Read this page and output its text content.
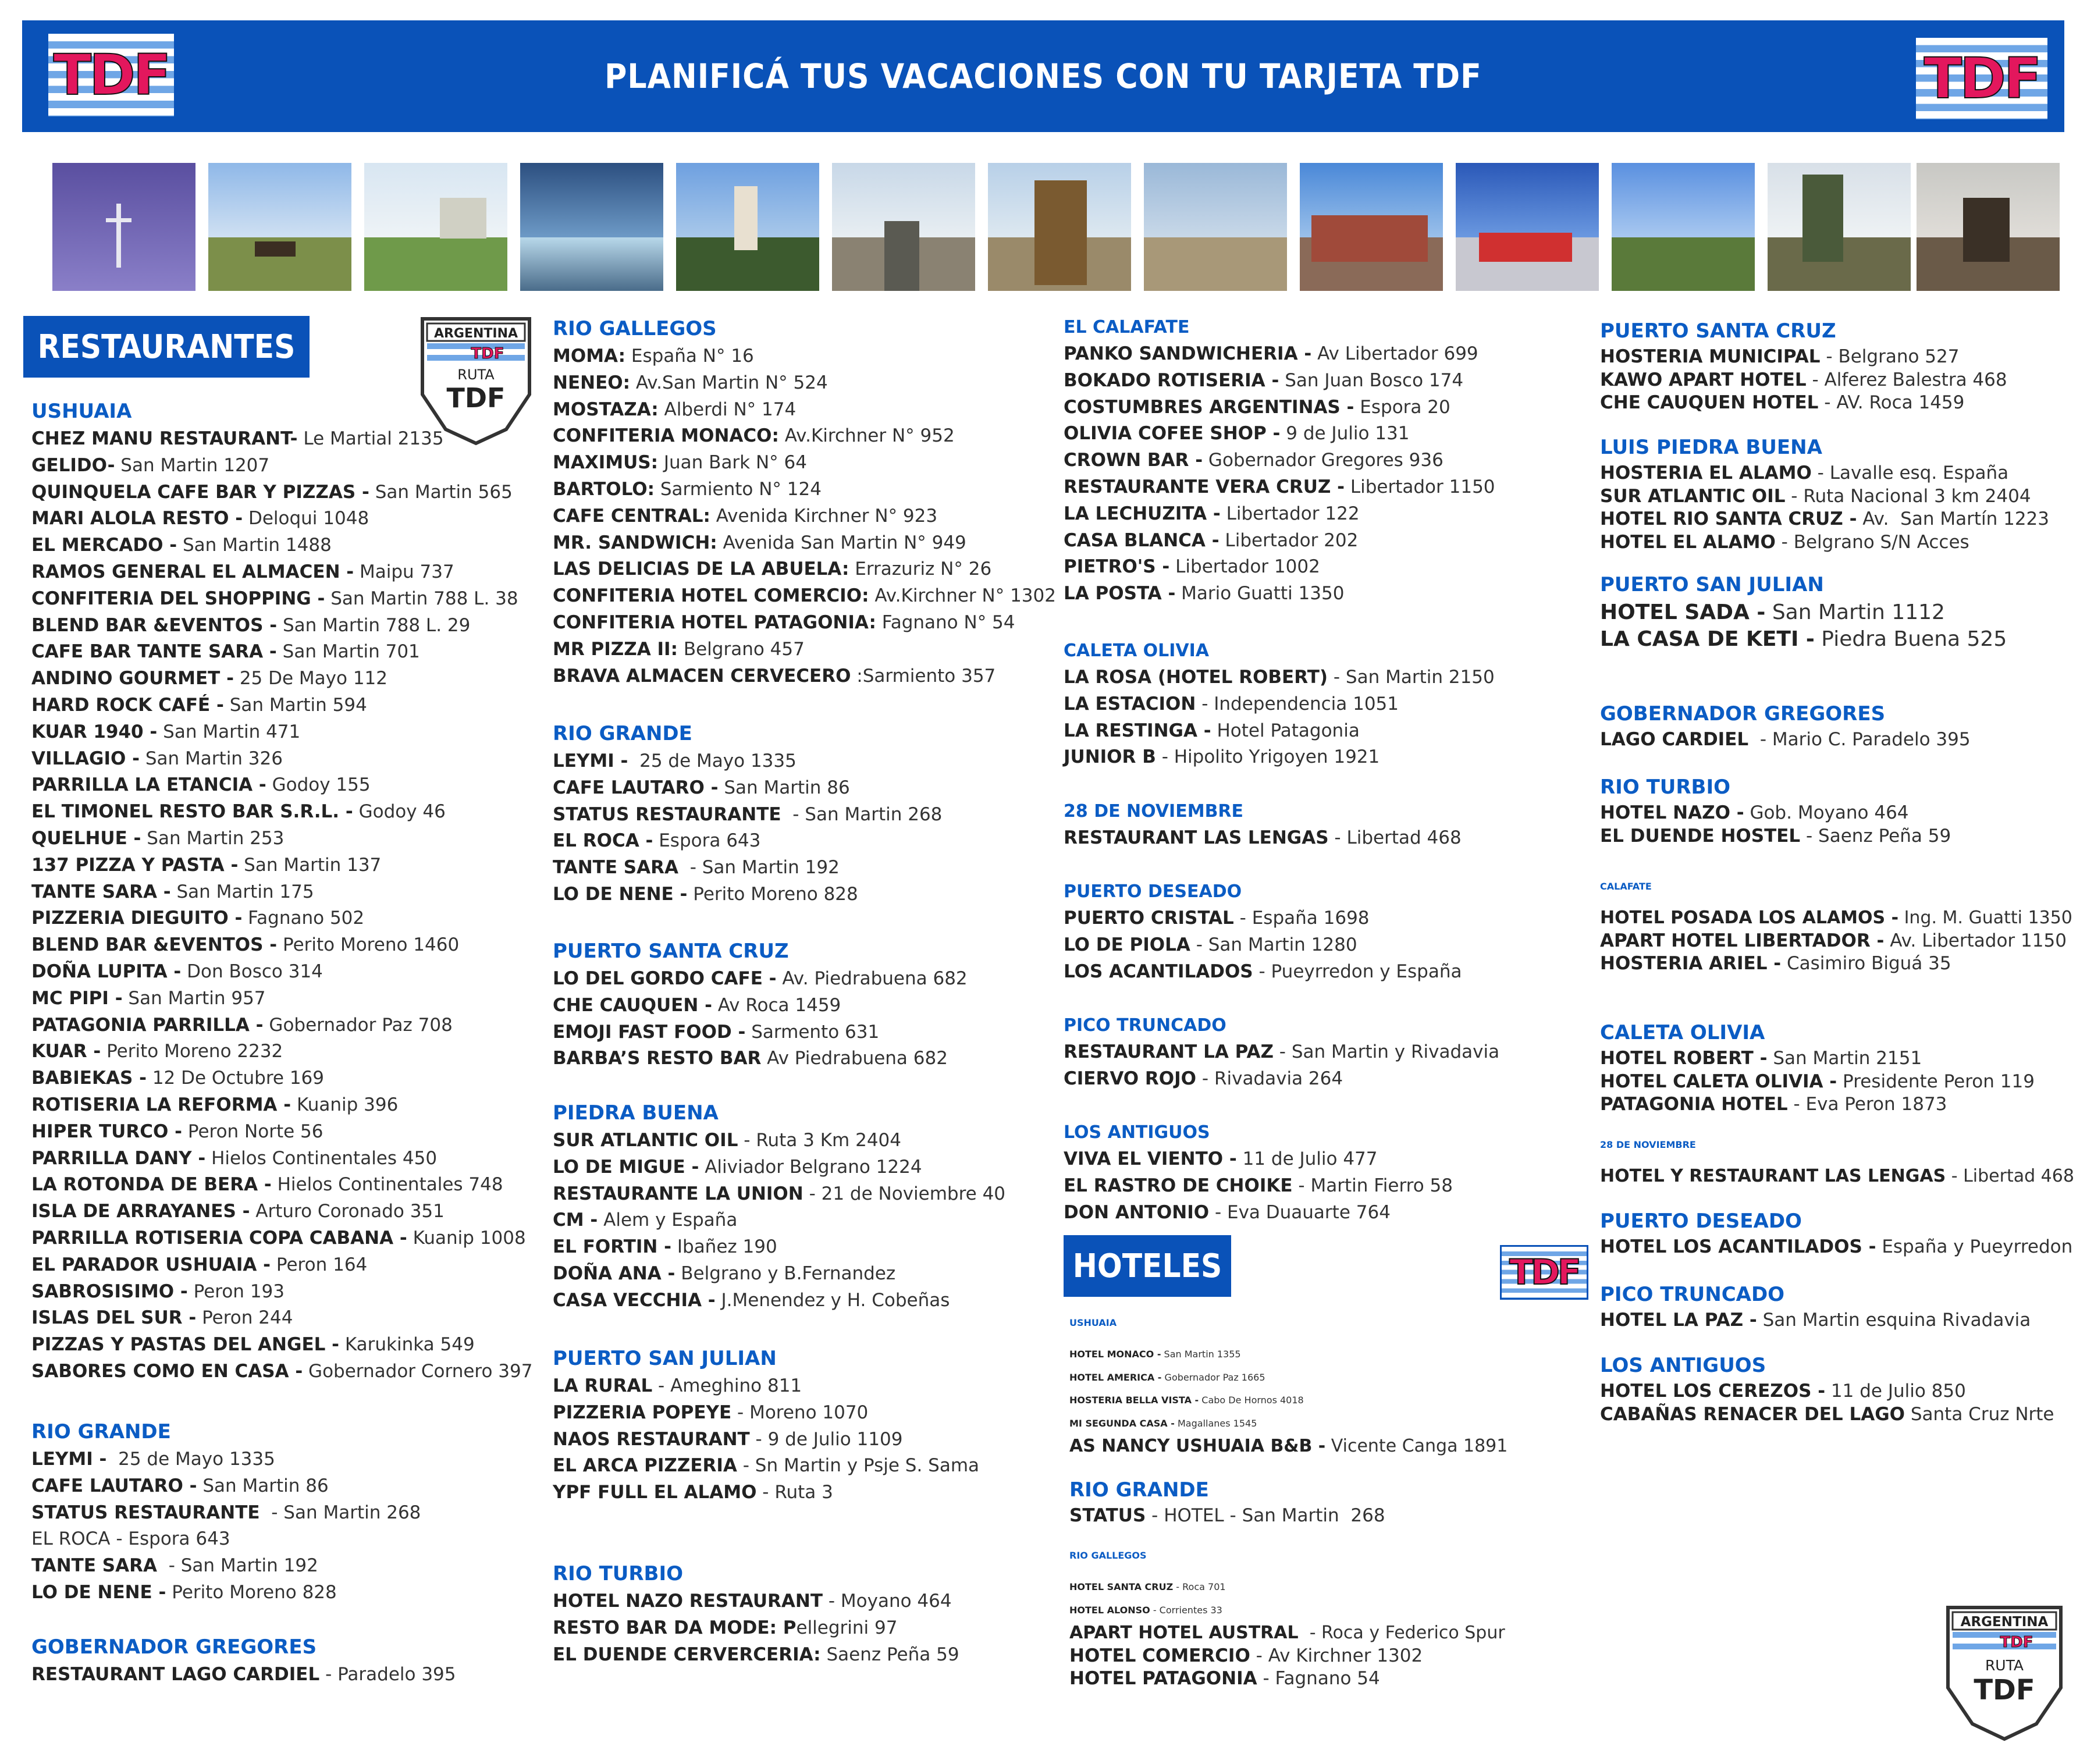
PLANIFICÁ TUS VACACIONES CON TU TARJETA TDF
TDF	TDF
RESTAURANTES	ARGENTINA
TDF
RUTA
TDF
HOTELES	TDF
ARGENTINA
TDF
RUTA
TDF
USHUAIA
CHEZ MANU RESTAURANT- Le Martial 2135
GELIDO- San Martin 1207
QUINQUELA CAFE BAR Y PIZZAS - San Martin 565
MARI ALOLA RESTO - Deloqui 1048
EL MERCADO - San Martin 1488
RAMOS GENERAL EL ALMACEN - Maipu 737
CONFITERIA DEL SHOPPING - San Martin 788 L. 38
BLEND BAR &EVENTOS - San Martin 788 L. 29
CAFE BAR TANTE SARA - San Martin 701
ANDINO GOURMET - 25 De Mayo 112
HARD ROCK CAFÉ - San Martin 594
KUAR 1940 - San Martin 471
VILLAGIO - San Martin 326
PARRILLA LA ETANCIA - Godoy 155
EL TIMONEL RESTO BAR S.R.L. - Godoy 46
QUELHUE - San Martin 253
137 PIZZA Y PASTA - San Martin 137
TANTE SARA - San Martin 175
PIZZERIA DIEGUITO - Fagnano 502
BLEND BAR &EVENTOS - Perito Moreno 1460
DOÑA LUPITA - Don Bosco 314
MC PIPI - San Martin 957
PATAGONIA PARRILLA - Gobernador Paz 708
KUAR - Perito Moreno 2232
BABIEKAS - 12 De Octubre 169
ROTISERIA LA REFORMA - Kuanip 396
HIPER TURCO - Peron Norte 56
PARRILLA DANY - Hielos Continentales 450
LA ROTONDA DE BERA - Hielos Continentales 748
ISLA DE ARRAYANES - Arturo Coronado 351
PARRILLA ROTISERIA COPA CABANA - Kuanip 1008
EL PARADOR USHUAIA - Peron 164
SABROSISIMO - Peron 193
ISLAS DEL SUR - Peron 244
PIZZAS Y PASTAS DEL ANGEL - Karukinka 549
SABORES COMO EN CASA - Gobernador Cornero 397
RIO GRANDE
LEYMI -  25 de Mayo 1335
CAFE LAUTARO - San Martin 86
STATUS RESTAURANTE  - San Martin 268
EL ROCA - Espora 643
TANTE SARA  - San Martin 192
LO DE NENE - Perito Moreno 828
GOBERNADOR GREGORES
RESTAURANT LAGO CARDIEL - Paradelo 395
RIO GALLEGOS
MOMA: España N° 16
NENEO: Av.San Martin N° 524
MOSTAZA: Alberdi N° 174
CONFITERIA MONACO: Av.Kirchner N° 952
MAXIMUS: Juan Bark N° 64
BARTOLO: Sarmiento N° 124
CAFE CENTRAL: Avenida Kirchner N° 923
MR. SANDWICH: Avenida San Martin N° 949
LAS DELICIAS DE LA ABUELA: Errazuriz N° 26
CONFITERIA HOTEL COMERCIO: Av.Kirchner N° 1302
CONFITERIA HOTEL PATAGONIA: Fagnano N° 54
MR PIZZA II: Belgrano 457
BRAVA ALMACEN CERVECERO :Sarmiento 357
RIO GRANDE
LEYMI -  25 de Mayo 1335
CAFE LAUTARO - San Martin 86
STATUS RESTAURANTE  - San Martin 268
EL ROCA - Espora 643
TANTE SARA  - San Martin 192
LO DE NENE - Perito Moreno 828
PUERTO SANTA CRUZ
LO DEL GORDO CAFE - Av. Piedrabuena 682
CHE CAUQUEN - Av Roca 1459
EMOJI FAST FOOD - Sarmento 631
BARBA’S RESTO BAR Av Piedrabuena 682
PIEDRA BUENA
SUR ATLANTIC OIL - Ruta 3 Km 2404
LO DE MIGUE - Aliviador Belgrano 1224
RESTAURANTE LA UNION - 21 de Noviembre 40
CM - Alem y España
EL FORTIN - Ibañez 190
DOÑA ANA - Belgrano y B.Fernandez
CASA VECCHIA - J.Menendez y H. Cobeñas
PUERTO SAN JULIAN
LA RURAL - Ameghino 811
PIZZERIA POPEYE - Moreno 1070
NAOS RESTAURANT - 9 de Julio 1109
EL ARCA PIZZERIA - Sn Martin y Psje S. Sama
YPF FULL EL ALAMO - Ruta 3
RIO TURBIO
HOTEL NAZO RESTAURANT - Moyano 464
RESTO BAR DA MODE: Pellegrini 97
EL DUENDE CERVERCERIA: Saenz Peña 59
EL CALAFATE
PANKO SANDWICHERIA - Av Libertador 699
BOKADO ROTISERIA - San Juan Bosco 174
COSTUMBRES ARGENTINAS - Espora 20
OLIVIA COFEE SHOP - 9 de Julio 131
CROWN BAR - Gobernador Gregores 936
RESTAURANTE VERA CRUZ - Libertador 1150
LA LECHUZITA - Libertador 122
CASA BLANCA - Libertador 202
PIETRO'S - Libertador 1002
LA POSTA - Mario Guatti 1350
CALETA OLIVIA
LA ROSA (HOTEL ROBERT) - San Martin 2150
LA ESTACION - Independencia 1051
LA RESTINGA - Hotel Patagonia
JUNIOR B - Hipolito Yrigoyen 1921
28 DE NOVIEMBRE
RESTAURANT LAS LENGAS - Libertad 468
PUERTO DESEADO
PUERTO CRISTAL - España 1698
LO DE PIOLA - San Martin 1280
LOS ACANTILADOS - Pueyrredon y España
PICO TRUNCADO
RESTAURANT LA PAZ - San Martin y Rivadavia
CIERVO ROJO - Rivadavia 264
LOS ANTIGUOS
VIVA EL VIENTO - 11 de Julio 477
EL RASTRO DE CHOIKE - Martin Fierro 58
DON ANTONIO - Eva Duauarte 764
USHUAIA
HOTEL MONACO - San Martin 1355
HOTEL AMERICA - Gobernador Paz 1665
HOSTERIA BELLA VISTA - Cabo De Hornos 4018
MI SEGUNDA CASA - Magallanes 1545
AS NANCY USHUAIA B&B - Vicente Canga 1891
RIO GRANDE
STATUS - HOTEL - San Martin  268
RIO GALLEGOS
HOTEL SANTA CRUZ - Roca 701
HOTEL ALONSO - Corrientes 33
APART HOTEL AUSTRAL  - Roca y Federico Spur
HOTEL COMERCIO - Av Kirchner 1302
HOTEL PATAGONIA - Fagnano 54
PUERTO SANTA CRUZ
HOSTERIA MUNICIPAL - Belgrano 527
KAWO APART HOTEL - Alferez Balestra 468
CHE CAUQUEN HOTEL - AV. Roca 1459
LUIS PIEDRA BUENA
HOSTERIA EL ALAMO - Lavalle esq. España
SUR ATLANTIC OIL - Ruta Nacional 3 km 2404
HOTEL RIO SANTA CRUZ - Av.  San Martín 1223
HOTEL EL ALAMO - Belgrano S/N Acces
PUERTO SAN JULIAN
HOTEL SADA - San Martin 1112
LA CASA DE KETI - Piedra Buena 525
GOBERNADOR GREGORES
LAGO CARDIEL  - Mario C. Paradelo 395
RIO TURBIO
HOTEL NAZO - Gob. Moyano 464
EL DUENDE HOSTEL - Saenz Peña 59
CALAFATE
HOTEL POSADA LOS ALAMOS - Ing. M. Guatti 1350
APART HOTEL LIBERTADOR - Av. Libertador 1150
HOSTERIA ARIEL - Casimiro Biguá 35
CALETA OLIVIA
HOTEL ROBERT - San Martin 2151
HOTEL CALETA OLIVIA - Presidente Peron 119
PATAGONIA HOTEL - Eva Peron 1873
28 DE NOVIEMBRE
HOTEL Y RESTAURANT LAS LENGAS - Libertad 468
PUERTO DESEADO
HOTEL LOS ACANTILADOS - España y Pueyrredon
PICO TRUNCADO
HOTEL LA PAZ - San Martin esquina Rivadavia
LOS ANTIGUOS
HOTEL LOS CEREZOS - 11 de Julio 850
CABAÑAS RENACER DEL LAGO Santa Cruz Nrte
